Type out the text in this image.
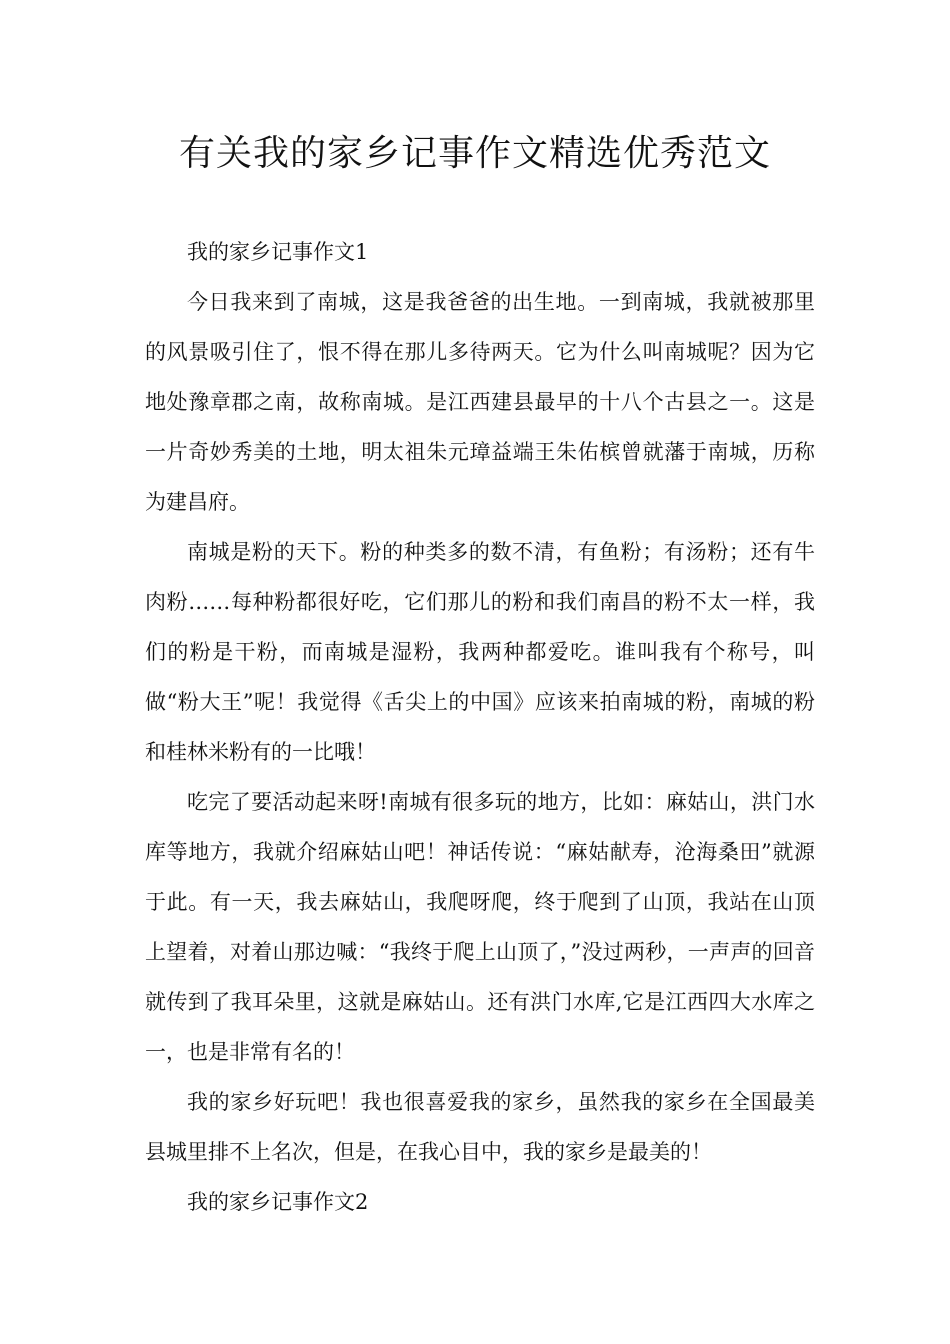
有关我的家乡记事作文精选优秀范文

我的家乡记事作文1

今日我来到了南城，这是我爸爸的出生地。一到南城，我就被那里的风景吸引住了，恨不得在那儿多待两天。它为什么叫南城呢？因为它地处豫章郡之南，故称南城。是江西建县最早的十八个古县之一。这是一片奇妙秀美的土地，明太祖朱元璋益端王朱佑槟曾就藩于南城，历称为建昌府。

南城是粉的天下。粉的种类多的数不清，有鱼粉；有汤粉；还有牛肉粉……每种粉都很好吃，它们那儿的粉和我们南昌的粉不太一样，我们的粉是干粉，而南城是湿粉，我两种都爱吃。谁叫我有个称号，叫做“粉大王”呢！我觉得《舌尖上的中国》应该来拍南城的粉，南城的粉和桂林米粉有的一比哦！

吃完了要活动起来呀!南城有很多玩的地方，比如：麻姑山，洪门水库等地方，我就介绍麻姑山吧！神话传说：“麻姑献寿，沧海桑田”就源于此。有一天，我去麻姑山，我爬呀爬，终于爬到了山顶，我站在山顶上望着，对着山那边喊：“我终于爬上山顶了，”没过两秒，一声声的回音就传到了我耳朵里，这就是麻姑山。还有洪门水库,它是江西四大水库之一，也是非常有名的！

我的家乡好玩吧！我也很喜爱我的家乡，虽然我的家乡在全国最美县城里排不上名次，但是，在我心目中，我的家乡是最美的！

我的家乡记事作文2
